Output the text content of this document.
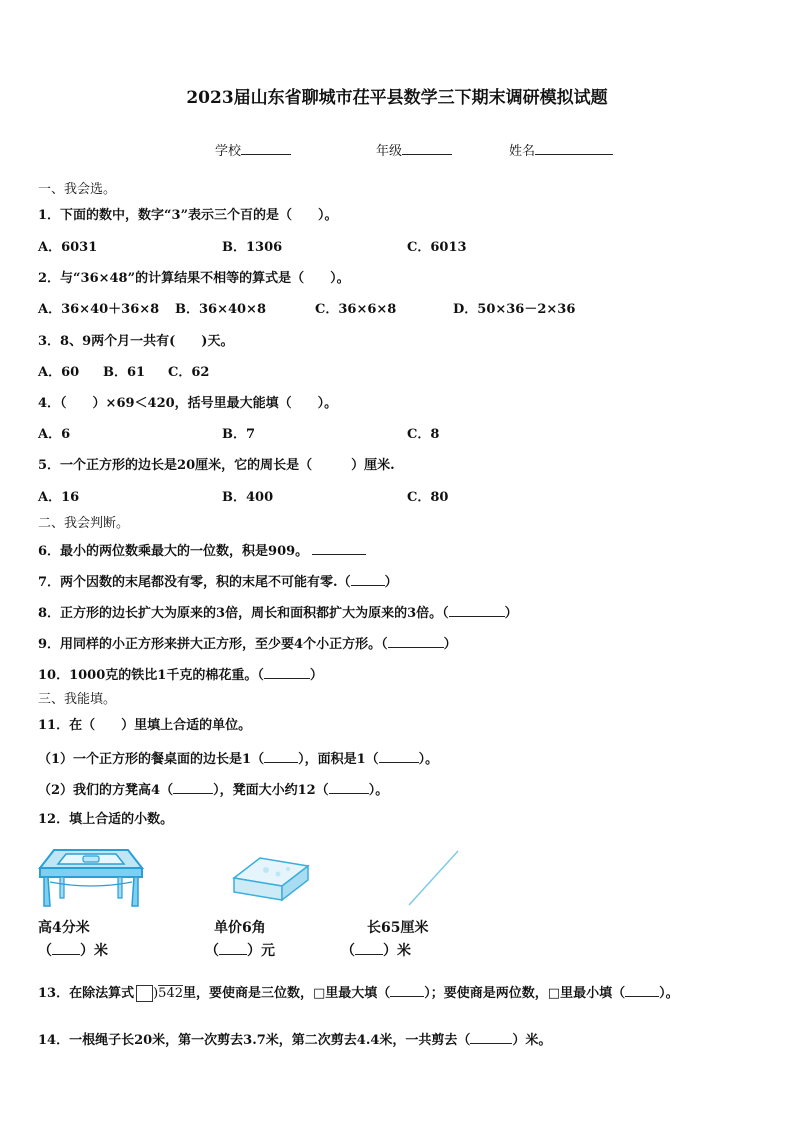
2023届山东省聊城市茌平县数学三下期末调研模拟试题
学校	年级	姓名
一、我会选。
1．下面的数中，数字“3”表示三个百的是（　　）。
A．6031	B．1306	C．6013
2．与“36×48”的计算结果不相等的算式是（　　）。
A．36×40＋36×8 B．36×40×8	C．36×6×8	D．50×36－2×36
3．8、9两个月一共有(　　)天。
A．60 B．61 C．62
4．（　　）×69＜420，括号里最大能填（　　）。
A．6	B．7	C．8
5．一个正方形的边长是20厘米，它的周长是（　　　）厘米.
A．16	B．400	C．80
二、我会判断。
6．最小的两位数乘最大的一位数，积是909。
7．两个因数的末尾都没有零，积的末尾不可能有零.（	）
8．正方形的边长扩大为原来的3倍，周长和面积都扩大为原来的3倍。（	）
9．用同样的小正方形来拼大正方形，至少要4个小正方形。（	）
10．1000克的铁比1千克的棉花重。（	）
三、我能填。
11．在（　　）里填上合适的单位。
（1）一个正方形的餐桌面的边长是1（	），面积是1（	）。
（2）我们的方凳高4（	），凳面大小约12（	）。
12．填上合适的小数。
高4分米	单价6角	长65厘米
（ ）米	（ ）元	（ ）米
13．在除法算式 )542里，要使商是三位数，□里最大填（	）；要使商是两位数，□里最小填（	）。
14．一根绳子长20米，第一次剪去3.7米，第二次剪去4.4米，一共剪去（	）米。
